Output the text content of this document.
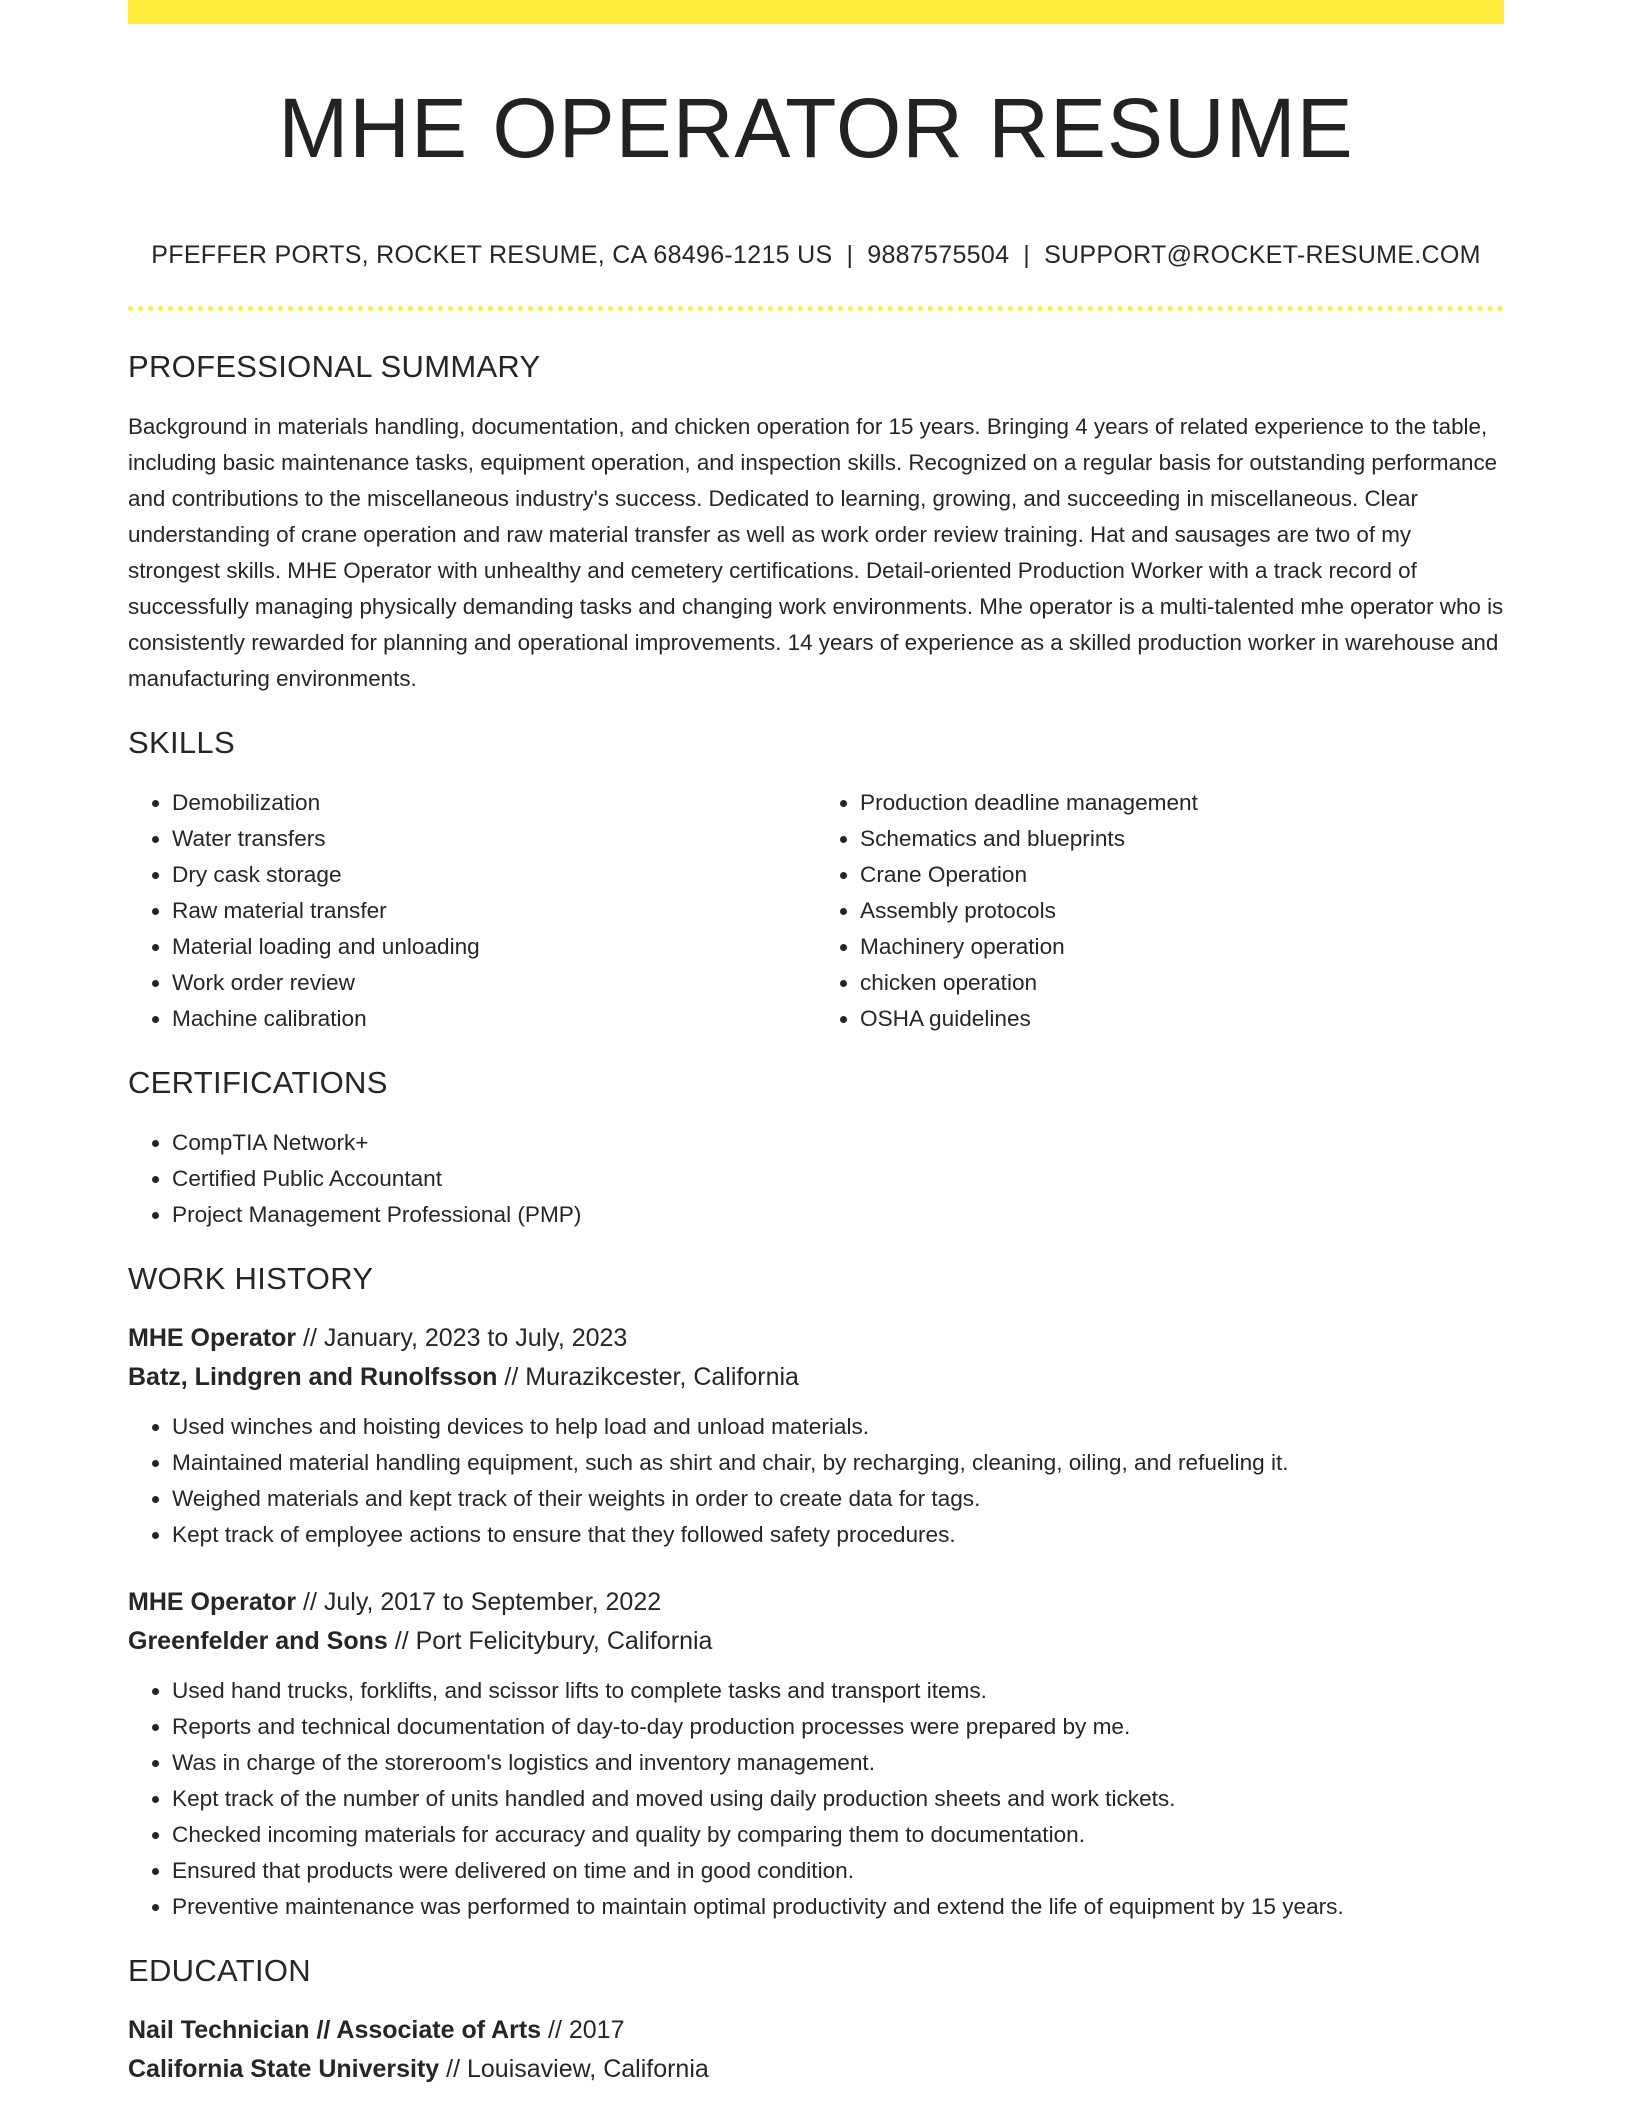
MHE OPERATOR RESUME
PFEFFER PORTS, ROCKET RESUME, CA 68496-1215 US | 9887575504 | SUPPORT@ROCKET-RESUME.COM
PROFESSIONAL SUMMARY

Background in materials handling, documentation, and chicken operation for 15 years. Bringing 4 years of related experience to the table, including basic maintenance tasks, equipment operation, and inspection skills. Recognized on a regular basis for outstanding performance and contributions to the miscellaneous industry's success. Dedicated to learning, growing, and succeeding in miscellaneous. Clear understanding of crane operation and raw material transfer as well as work order review training. Hat and sausages are two of my strongest skills. MHE Operator with unhealthy and cemetery certifications. Detail-oriented Production Worker with a track record of successfully managing physically demanding tasks and changing work environments. Mhe operator is a multi-talented mhe operator who is consistently rewarded for planning and operational improvements. 14 years of experience as a skilled production worker in warehouse and manufacturing environments.

SKILLS
• Demobilization
• Water transfers
• Dry cask storage
• Raw material transfer
• Material loading and unloading
• Work order review
• Machine calibration
• Production deadline management
• Schematics and blueprints
• Crane Operation
• Assembly protocols
• Machinery operation
• chicken operation
• OSHA guidelines
CERTIFICATIONS
• CompTIA Network+
• Certified Public Accountant
• Project Management Professional (PMP)
WORK HISTORY
MHE Operator // January, 2023 to July, 2023
Batz, Lindgren and Runolfsson // Murazikcester, California
• Used winches and hoisting devices to help load and unload materials.
• Maintained material handling equipment, such as shirt and chair, by recharging, cleaning, oiling, and refueling it.
• Weighed materials and kept track of their weights in order to create data for tags.
• Kept track of employee actions to ensure that they followed safety procedures.
MHE Operator // July, 2017 to September, 2022
Greenfelder and Sons // Port Felicitybury, California
• Used hand trucks, forklifts, and scissor lifts to complete tasks and transport items.
• Reports and technical documentation of day-to-day production processes were prepared by me.
• Was in charge of the storeroom's logistics and inventory management.
• Kept track of the number of units handled and moved using daily production sheets and work tickets.
• Checked incoming materials for accuracy and quality by comparing them to documentation.
• Ensured that products were delivered on time and in good condition.
• Preventive maintenance was performed to maintain optimal productivity and extend the life of equipment by 15 years.
EDUCATION
Nail Technician // Associate of Arts // 2017
California State University // Louisaview, California
